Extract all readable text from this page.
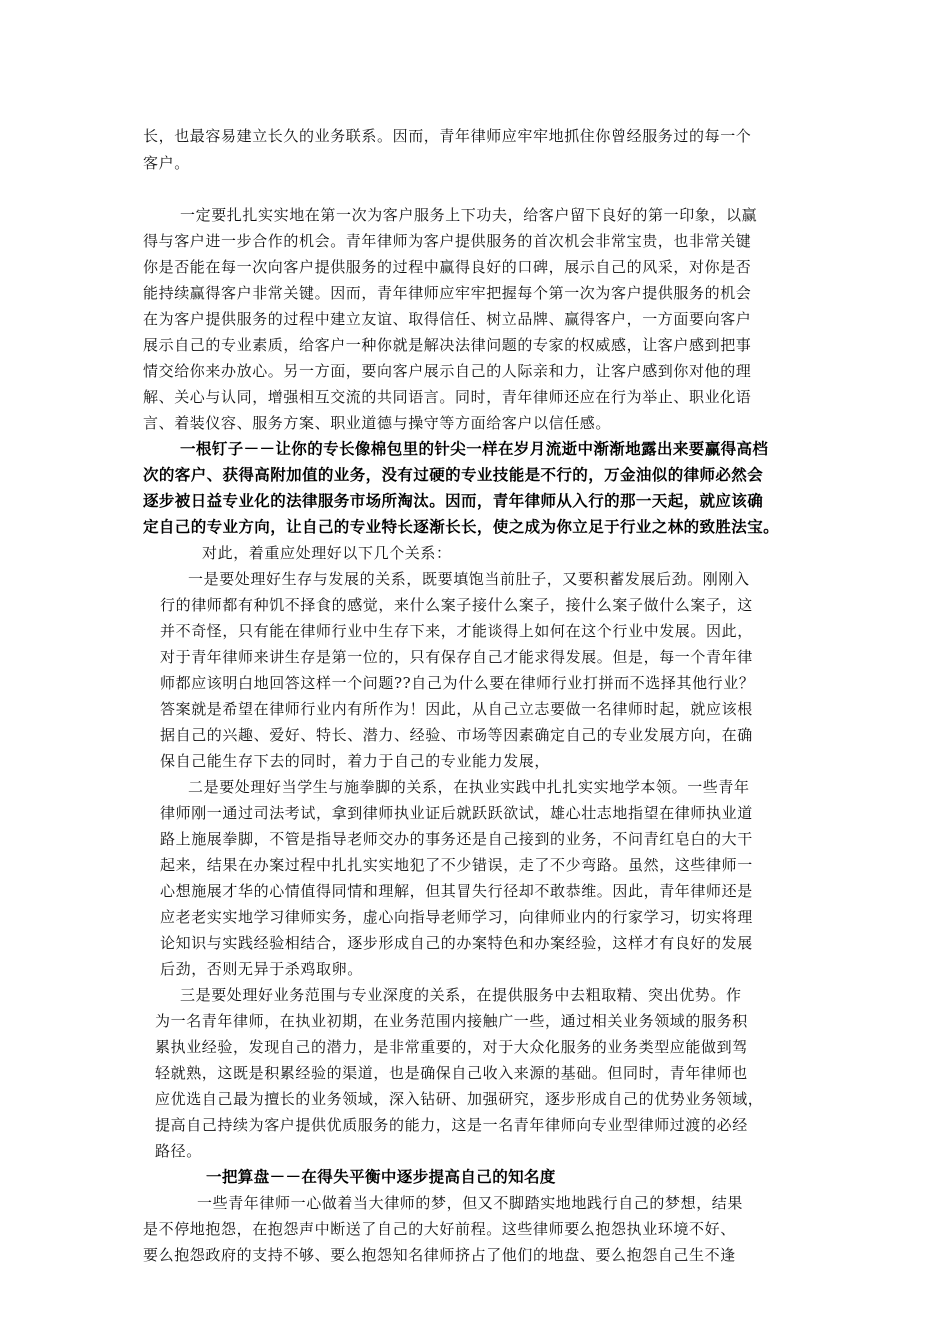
长，也最容易建立长久的业务联系。因而，青年律师应牢牢地抓住你曾经服务过的每一个
客户。
一定要扎扎实实地在第一次为客户服务上下功夫，给客户留下良好的第一印象，以赢
得与客户进一步合作的机会。青年律师为客户提供服务的首次机会非常宝贵，也非常关键
你是否能在每一次向客户提供服务的过程中赢得良好的口碑，展示自己的风采，对你是否
能持续赢得客户非常关键。因而，青年律师应牢牢把握每个第一次为客户提供服务的机会
在为客户提供服务的过程中建立友谊、取得信任、树立品牌、赢得客户，一方面要向客户
展示自己的专业素质，给客户一种你就是解决法律问题的专家的权威感，让客户感到把事
情交给你来办放心。另一方面，要向客户展示自己的人际亲和力，让客户感到你对他的理
解、关心与认同，增强相互交流的共同语言。同时，青年律师还应在行为举止、职业化语
言、着装仪容、服务方案、职业道德与操守等方面给客户以信任感。
一根钉子－－让你的专长像棉包里的针尖一样在岁月流逝中渐渐地露出来要赢得高档
次的客户、获得高附加值的业务，没有过硬的专业技能是不行的，万金油似的律师必然会
逐步被日益专业化的法律服务市场所淘汰。因而，青年律师从入行的那一天起，就应该确
定自己的专业方向，让自己的专业特长逐渐长长，使之成为你立足于行业之林的致胜法宝。
对此，着重应处理好以下几个关系：
一是要处理好生存与发展的关系，既要填饱当前肚子，又要积蓄发展后劲。刚刚入
行的律师都有种饥不择食的感觉，来什么案子接什么案子，接什么案子做什么案子，这
并不奇怪，只有能在律师行业中生存下来，才能谈得上如何在这个行业中发展。因此，
对于青年律师来讲生存是第一位的，只有保存自己才能求得发展。但是，每一个青年律
师都应该明白地回答这样一个问题??自己为什么要在律师行业打拼而不选择其他行业？
答案就是希望在律师行业内有所作为！因此，从自己立志要做一名律师时起，就应该根
据自己的兴趣、爱好、特长、潜力、经验、市场等因素确定自己的专业发展方向，在确
保自己能生存下去的同时，着力于自己的专业能力发展，
二是要处理好当学生与施拳脚的关系，在执业实践中扎扎实实地学本领。一些青年
律师刚一通过司法考试，拿到律师执业证后就跃跃欲试，雄心壮志地指望在律师执业道
路上施展拳脚，不管是指导老师交办的事务还是自己接到的业务，不问青红皂白的大干
起来，结果在办案过程中扎扎实实地犯了不少错误，走了不少弯路。虽然，这些律师一
心想施展才华的心情值得同情和理解，但其冒失行径却不敢恭维。因此，青年律师还是
应老老实实地学习律师实务，虚心向指导老师学习，向律师业内的行家学习，切实将理
论知识与实践经验相结合，逐步形成自己的办案特色和办案经验，这样才有良好的发展
后劲，否则无异于杀鸡取卵。
三是要处理好业务范围与专业深度的关系，在提供服务中去粗取精、突出优势。作
为一名青年律师，在执业初期，在业务范围内接触广一些，通过相关业务领域的服务积
累执业经验，发现自己的潜力，是非常重要的，对于大众化服务的业务类型应能做到驾
轻就熟，这既是积累经验的渠道，也是确保自己收入来源的基础。但同时，青年律师也
应优选自己最为擅长的业务领域，深入钻研、加强研究，逐步形成自己的优势业务领域，
提高自己持续为客户提供优质服务的能力，这是一名青年律师向专业型律师过渡的必经
路径。
一把算盘－－在得失平衡中逐步提高自己的知名度
一些青年律师一心做着当大律师的梦，但又不脚踏实地地践行自己的梦想，结果
是不停地抱怨，在抱怨声中断送了自己的大好前程。这些律师要么抱怨执业环境不好、
要么抱怨政府的支持不够、要么抱怨知名律师挤占了他们的地盘、要么抱怨自己生不逢
